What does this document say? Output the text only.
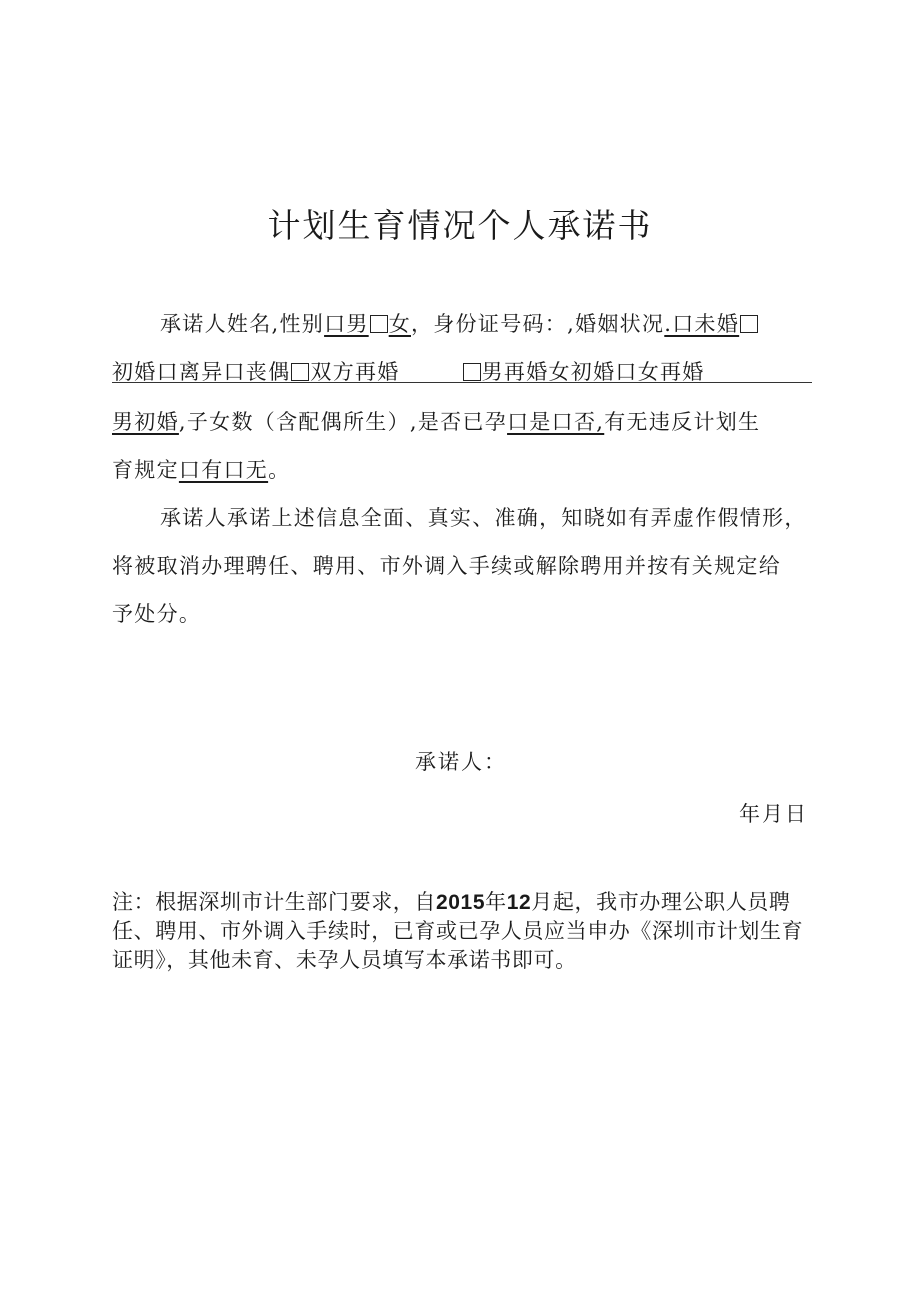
计划生育情况个人承诺书
承诺人姓名,性别口男 女，身份证号码：,婚姻状况.口未婚
初婚口离异口丧偶 双方再婚	男再婚女初婚口女再婚
男初婚,子女数（含配偶所生）,是否已孕口是口否,有无违反计划生
育规定口有口无。
承诺人承诺上述信息全面、真实、准确，知晓如有弄虚作假情形，
将被取消办理聘任、聘用、市外调入手续或解除聘用并按有关规定给
予处分。
承诺人：
年月日
注：根据深圳市计生部门要求，自2015年12月起，我市办理公职人员聘
任、聘用、市外调入手续时，已育或已孕人员应当申办《深圳市计划生育
证明》，其他未育、未孕人员填写本承诺书即可。
